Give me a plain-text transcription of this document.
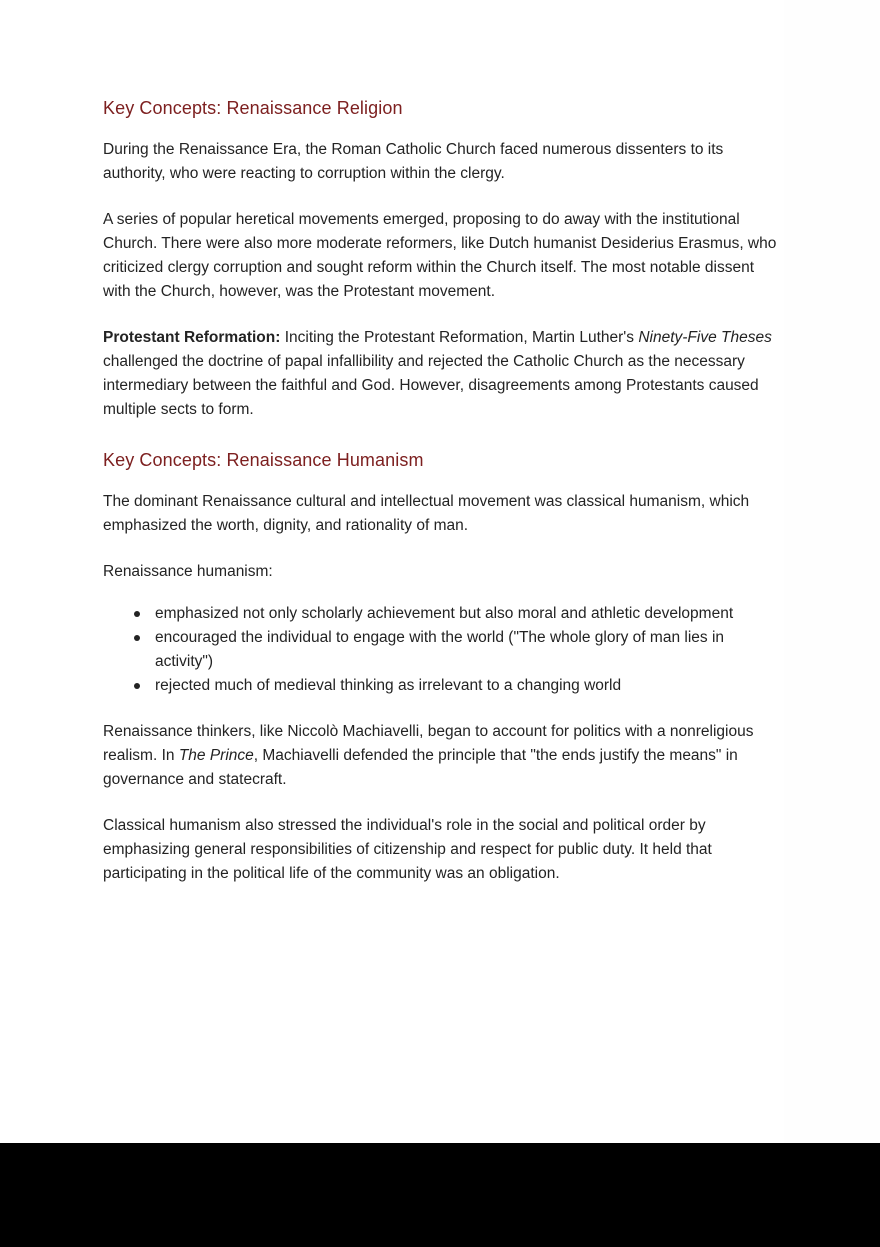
Key Concepts: Renaissance Religion

During the Renaissance Era, the Roman Catholic Church faced numerous dissenters to its authority, who were reacting to corruption within the clergy.

A series of popular heretical movements emerged, proposing to do away with the institutional Church. There were also more moderate reformers, like Dutch humanist Desiderius Erasmus, who criticized clergy corruption and sought reform within the Church itself. The most notable dissent with the Church, however, was the Protestant movement.

Protestant Reformation: Inciting the Protestant Reformation, Martin Luther's Ninety-Five Theses challenged the doctrine of papal infallibility and rejected the Catholic Church as the necessary intermediary between the faithful and God. However, disagreements among Protestants caused multiple sects to form.

Key Concepts: Renaissance Humanism

The dominant Renaissance cultural and intellectual movement was classical humanism, which emphasized the worth, dignity, and rationality of man.

Renaissance humanism:

emphasized not only scholarly achievement but also moral and athletic development
encouraged the individual to engage with the world ("The whole glory of man lies in activity")
rejected much of medieval thinking as irrelevant to a changing world

Renaissance thinkers, like Niccolò Machiavelli, began to account for politics with a nonreligious realism. In The Prince, Machiavelli defended the principle that "the ends justify the means" in governance and statecraft.

Classical humanism also stressed the individual's role in the social and political order by emphasizing general responsibilities of citizenship and respect for public duty. It held that participating in the political life of the community was an obligation.
